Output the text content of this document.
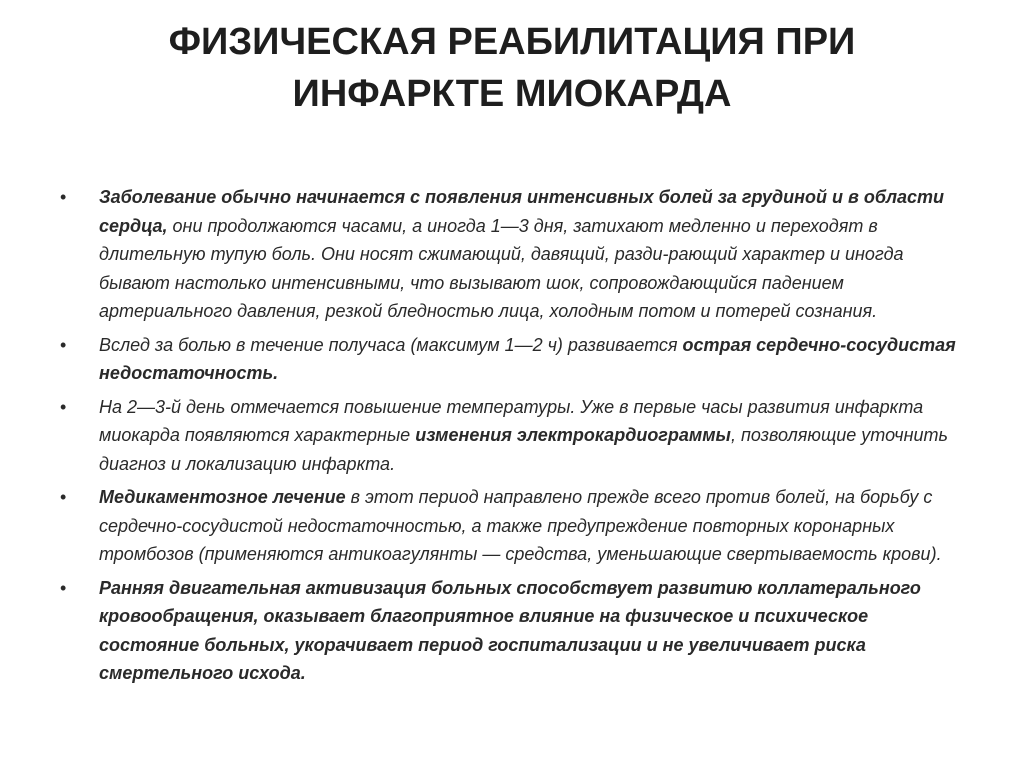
ФИЗИЧЕСКАЯ РЕАБИЛИТАЦИЯ ПРИ
ИНФАРКТЕ МИОКАРДА
• Заболевание обычно начинается с появления интенсивных болей за грудиной и в области сердца, они продолжаются часами, а иногда 1—3 дня, затихают медленно и переходят в длительную тупую боль. Они носят сжимающий, давящий, разди-рающий характер и иногда бывают настолько интенсивными, что вызывают шок, сопровождающийся падением артериального давления, резкой бледностью лица, холодным потом и потерей сознания.
• Вслед за болью в течение получаса (максимум 1—2 ч) развивается острая сердечно-сосудистая недостаточность.
• На 2—3-й день отмечается повышение температуры. Уже в первые часы развития инфаркта миокарда появляются характерные изменения электрокардиограммы, позволяющие уточнить диагноз и локализацию инфаркта.
• Медикаментозное лечение в этот период направлено прежде всего против болей, на борьбу с сердечно-сосудистой недостаточностью, а также предупреждение повторных коронарных тромбозов (применяются антикоагулянты — средства, уменьшающие свертываемость крови).
• Ранняя двигательная активизация больных способствует развитию коллатерального кровообращения, оказывает благоприятное влияние на физическое и психическое состояние больных, укорачивает период госпитализации и не увеличивает риска смертельного исхода.
